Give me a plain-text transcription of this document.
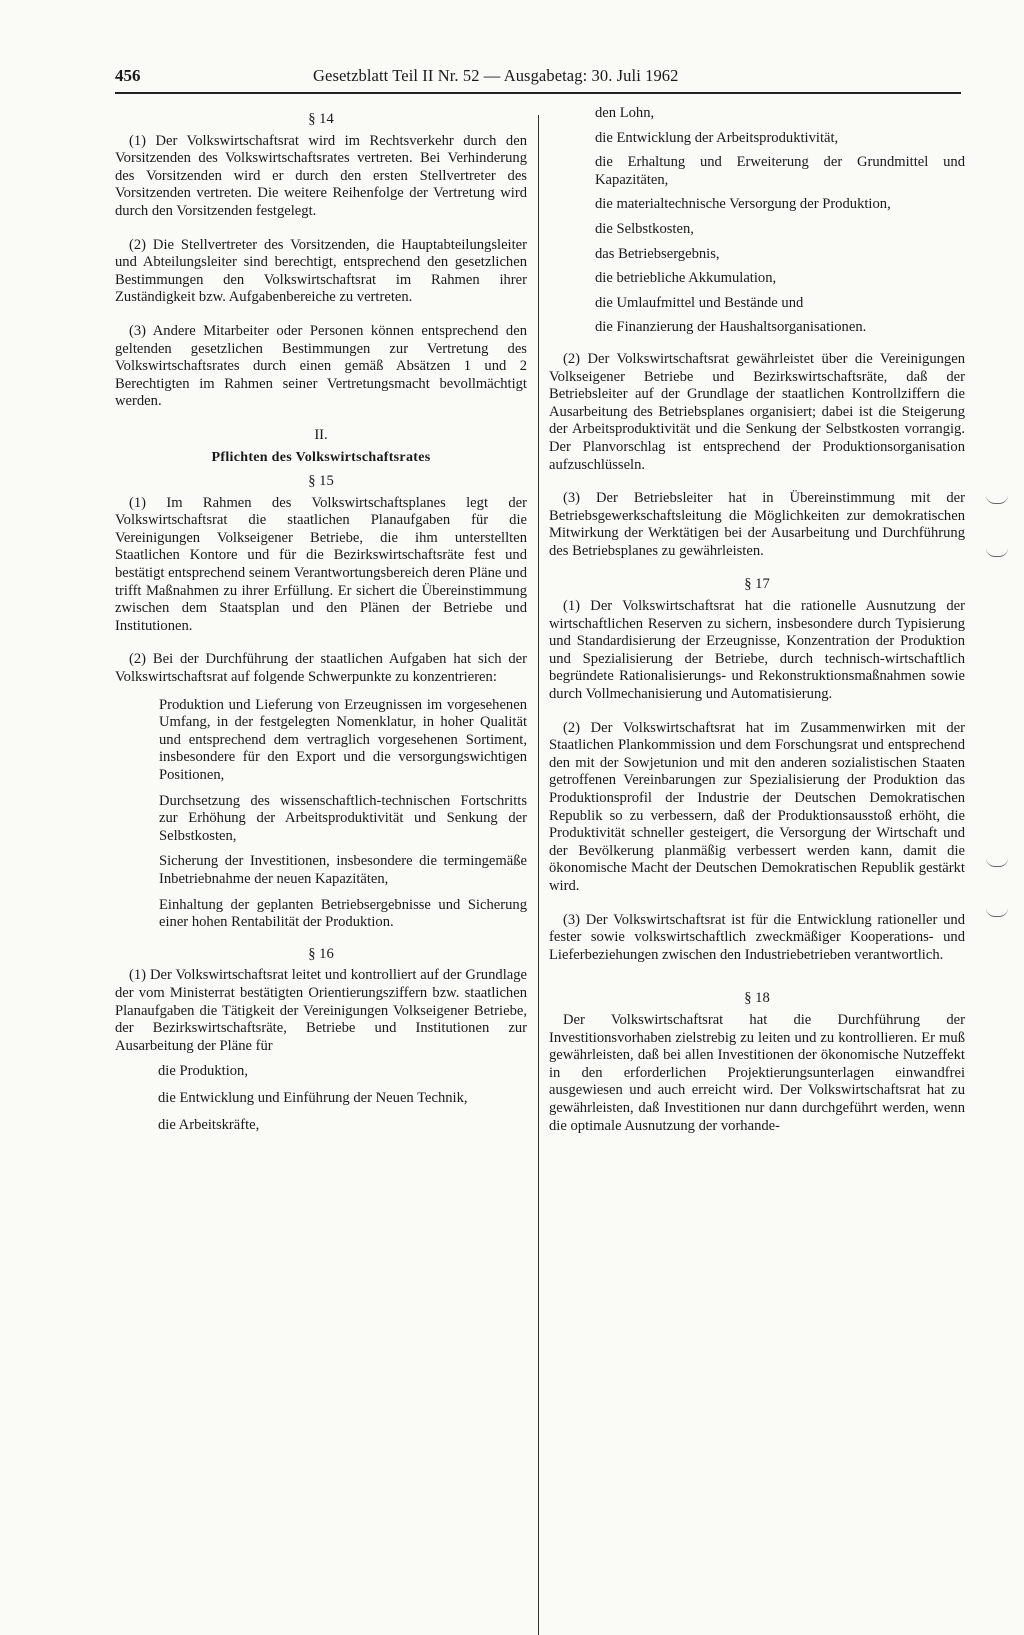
456	Gesetzblatt Teil II Nr. 52 — Ausgabetag: 30. Juli 1962
§ 14

(1) Der Volkswirtschaftsrat wird im Rechtsverkehr durch den Vorsitzenden des Volkswirtschaftsrates vertreten. Bei Verhinderung des Vorsitzenden wird er durch den ersten Stellvertreter des Vorsitzenden vertreten. Die weitere Reihenfolge der Vertretung wird durch den Vorsitzenden festgelegt.

(2) Die Stellvertreter des Vorsitzenden, die Hauptabteilungsleiter und Abteilungsleiter sind berechtigt, entsprechend den gesetzlichen Bestimmungen den Volkswirtschaftsrat im Rahmen ihrer Zuständigkeit bzw. Aufgabenbereiche zu vertreten.

(3) Andere Mitarbeiter oder Personen können entsprechend den geltenden gesetzlichen Bestimmungen zur Vertretung des Volkswirtschaftsrates durch einen gemäß Absätzen 1 und 2 Berechtigten im Rahmen seiner Vertretungsmacht bevollmächtigt werden.

II.
Pflichten des Volkswirtschaftsrates
§ 15

(1) Im Rahmen des Volkswirtschaftsplanes legt der Volkswirtschaftsrat die staatlichen Planaufgaben für die Vereinigungen Volkseigener Betriebe, die ihm unterstellten Staatlichen Kontore und für die Bezirkswirtschaftsräte fest und bestätigt entsprechend seinem Verantwortungsbereich deren Pläne und trifft Maßnahmen zu ihrer Erfüllung. Er sichert die Übereinstimmung zwischen dem Staatsplan und den Plänen der Betriebe und Institutionen.

(2) Bei der Durchführung der staatlichen Aufgaben hat sich der Volkswirtschaftsrat auf folgende Schwerpunkte zu konzentrieren:

Produktion und Lieferung von Erzeugnissen im vorgesehenen Umfang, in der festgelegten Nomenklatur, in hoher Qualität und entsprechend dem vertraglich vorgesehenen Sortiment, insbesondere für den Export und die versorgungswichtigen Positionen,
Durchsetzung des wissenschaftlich-technischen Fortschritts zur Erhöhung der Arbeitsproduktivität und Senkung der Selbstkosten,
Sicherung der Investitionen, insbesondere die termingemäße Inbetriebnahme der neuen Kapazitäten,
Einhaltung der geplanten Betriebsergebnisse und Sicherung einer hohen Rentabilität der Produktion.
§ 16

(1) Der Volkswirtschaftsrat leitet und kontrolliert auf der Grundlage der vom Ministerrat bestätigten Orientierungsziffern bzw. staatlichen Planaufgaben die Tätigkeit der Vereinigungen Volkseigener Betriebe, der Bezirkswirtschaftsräte, Betriebe und Institutionen zur Ausarbeitung der Pläne für

die Produktion,
die Entwicklung und Einführung der Neuen Technik,
die Arbeitskräfte,
den Lohn,
die Entwicklung der Arbeitsproduktivität,
die Erhaltung und Erweiterung der Grundmittel und Kapazitäten,
die materialtechnische Versorgung der Produktion,
die Selbstkosten,
das Betriebsergebnis,
die betriebliche Akkumulation,
die Umlaufmittel und Bestände und
die Finanzierung der Haushaltsorganisationen.

(2) Der Volkswirtschaftsrat gewährleistet über die Vereinigungen Volkseigener Betriebe und Bezirkswirtschaftsräte, daß der Betriebsleiter auf der Grundlage der staatlichen Kontrollziffern die Ausarbeitung des Betriebsplanes organisiert; dabei ist die Steigerung der Arbeitsproduktivität und die Senkung der Selbstkosten vorrangig. Der Planvorschlag ist entsprechend der Produktionsorganisation aufzuschlüsseln.

(3) Der Betriebsleiter hat in Übereinstimmung mit der Betriebsgewerkschaftsleitung die Möglichkeiten zur demokratischen Mitwirkung der Werktätigen bei der Ausarbeitung und Durchführung des Betriebsplanes zu gewährleisten.

§ 17

(1) Der Volkswirtschaftsrat hat die rationelle Ausnutzung der wirtschaftlichen Reserven zu sichern, insbesondere durch Typisierung und Standardisierung der Erzeugnisse, Konzentration der Produktion und Spezialisierung der Betriebe, durch technisch-wirtschaftlich begründete Rationalisierungs- und Rekonstruktionsmaßnahmen sowie durch Vollmechanisierung und Automatisierung.

(2) Der Volkswirtschaftsrat hat im Zusammenwirken mit der Staatlichen Plankommission und dem Forschungsrat und entsprechend den mit der Sowjetunion und mit den anderen sozialistischen Staaten getroffenen Vereinbarungen zur Spezialisierung der Produktion das Produktionsprofil der Industrie der Deutschen Demokratischen Republik so zu verbessern, daß der Produktionsausstoß erhöht, die Produktivität schneller gesteigert, die Versorgung der Wirtschaft und der Bevölkerung planmäßig verbessert werden kann, damit die ökonomische Macht der Deutschen Demokratischen Republik gestärkt wird.

(3) Der Volkswirtschaftsrat ist für die Entwicklung rationeller und fester sowie volkswirtschaftlich zweckmäßiger Kooperations- und Lieferbeziehungen zwischen den Industriebetrieben verantwortlich.

§ 18

Der Volkswirtschaftsrat hat die Durchführung der Investitionsvorhaben zielstrebig zu leiten und zu kontrollieren. Er muß gewährleisten, daß bei allen Investitionen der ökonomische Nutzeffekt in den erforderlichen Projektierungsunterlagen einwandfrei ausgewiesen und auch erreicht wird. Der Volkswirtschaftsrat hat zu gewährleisten, daß Investitionen nur dann durchgeführt werden, wenn die optimale Ausnutzung der vorhande-
